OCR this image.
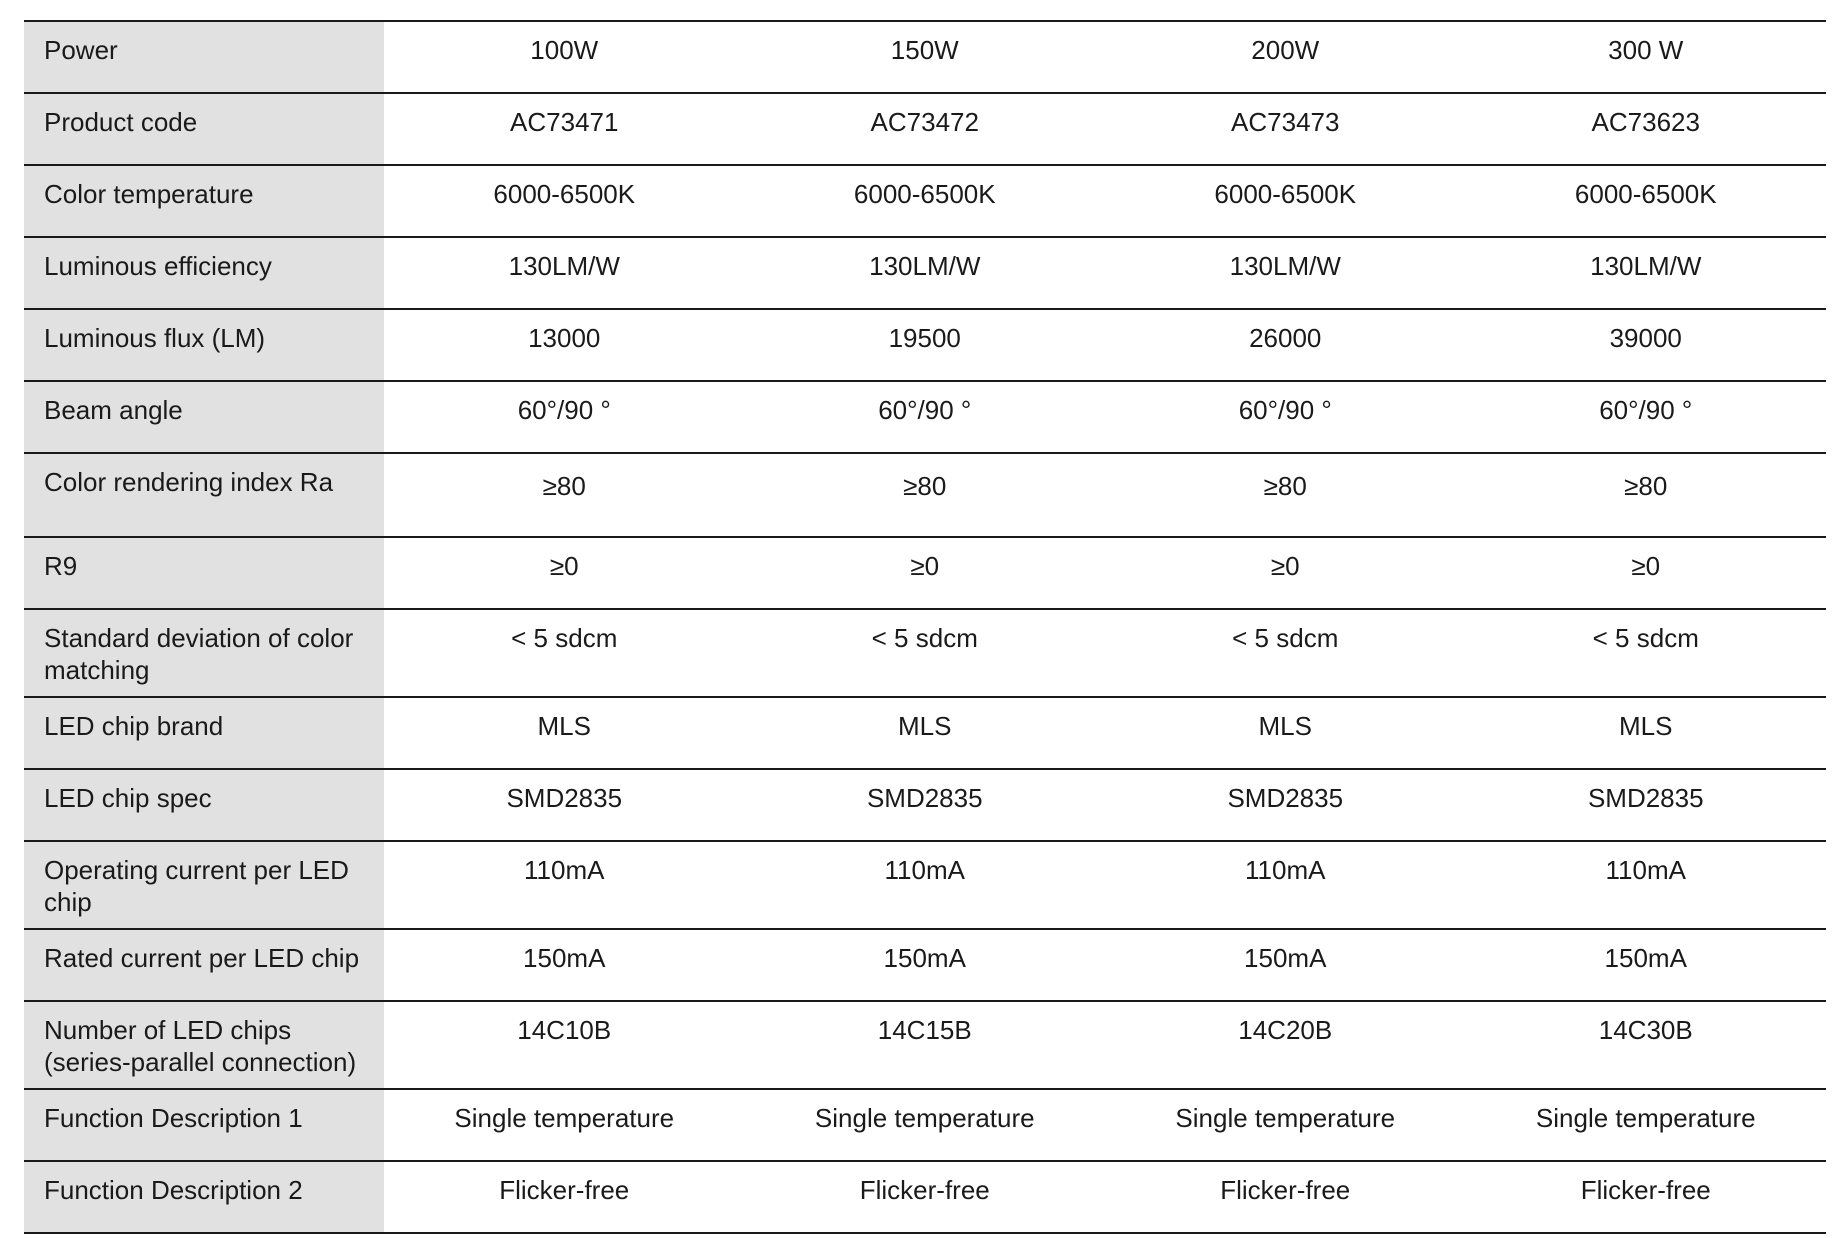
Power	100W	150W	200W	300 W
Product code	AC73471	AC73472	AC73473	AC73623
Color temperature	6000-6500K	6000-6500K	6000-6500K	6000-6500K
Luminous efficiency	130LM/W	130LM/W	130LM/W	130LM/W
Luminous flux (LM)	13000	19500	26000	39000
Beam angle	60°/90 °	60°/90 °	60°/90 °	60°/90 °
Color rendering index Ra	≥80	≥80	≥80	≥80
R9	≥0	≥0	≥0	≥0
Standard deviation of color matching	< 5 sdcm	< 5 sdcm	< 5 sdcm	< 5 sdcm
LED chip brand	MLS	MLS	MLS	MLS
LED chip spec	SMD2835	SMD2835	SMD2835	SMD2835
Operating current per LED chip	110mA	110mA	110mA	110mA
Rated current per LED chip	150mA	150mA	150mA	150mA
Number of LED chips (series-parallel connection)	14C10B	14C15B	14C20B	14C30B
Function Description 1	Single temperature	Single temperature	Single temperature	Single temperature
Function Description 2	Flicker-free	Flicker-free	Flicker-free	Flicker-free
